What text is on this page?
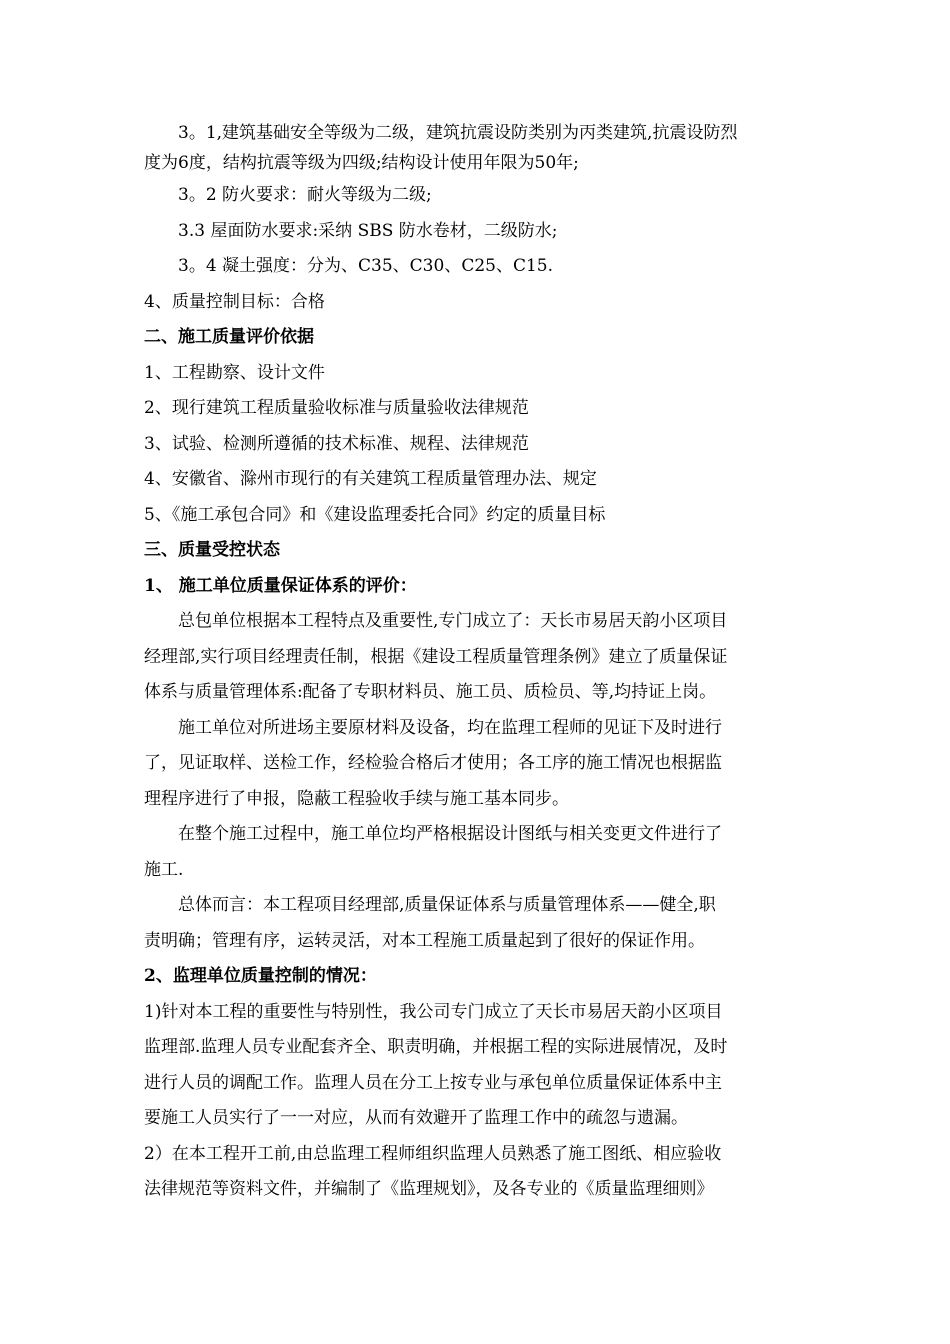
3。1,建筑基础安全等级为二级，建筑抗震设防类别为丙类建筑,抗震设防烈
度为6度，结构抗震等级为四级;结构设计使用年限为50年;
3。2 防火要求：耐火等级为二级;
3.3 屋面防水要求:采纳 SBS 防水卷材，二级防水;
3。4 凝土强度：分为、C35、C30、C25、C15.
4、质量控制目标：合格
二、施工质量评价依据
1、工程勘察、设计文件
2、现行建筑工程质量验收标准与质量验收法律规范
3、试验、检测所遵循的技术标准、规程、法律规范
4、安徽省、滁州市现行的有关建筑工程质量管理办法、规定
5、《施工承包合同》和《建设监理委托合同》约定的质量目标
三、质量受控状态
1、 施工单位质量保证体系的评价：
总包单位根据本工程特点及重要性,专门成立了：天长市易居天韵小区项目
经理部,实行项目经理责任制，根据《建设工程质量管理条例》建立了质量保证
体系与质量管理体系:配备了专职材料员、施工员、质检员、等,均持证上岗。
施工单位对所进场主要原材料及设备，均在监理工程师的见证下及时进行
了，见证取样、送检工作，经检验合格后才使用；各工序的施工情况也根据监
理程序进行了申报，隐蔽工程验收手续与施工基本同步。
在整个施工过程中，施工单位均严格根据设计图纸与相关变更文件进行了
施工.
总体而言：本工程项目经理部,质量保证体系与质量管理体系——健全,职
责明确；管理有序，运转灵活，对本工程施工质量起到了很好的保证作用。
2、监理单位质量控制的情况：
1)针对本工程的重要性与特别性，我公司专门成立了天长市易居天韵小区项目
监理部.监理人员专业配套齐全、职责明确，并根据工程的实际进展情况，及时
进行人员的调配工作。监理人员在分工上按专业与承包单位质量保证体系中主
要施工人员实行了一一对应，从而有效避开了监理工作中的疏忽与遗漏。
2）在本工程开工前,由总监理工程师组织监理人员熟悉了施工图纸、相应验收
法律规范等资料文件，并编制了《监理规划》，及各专业的《质量监理细则》
